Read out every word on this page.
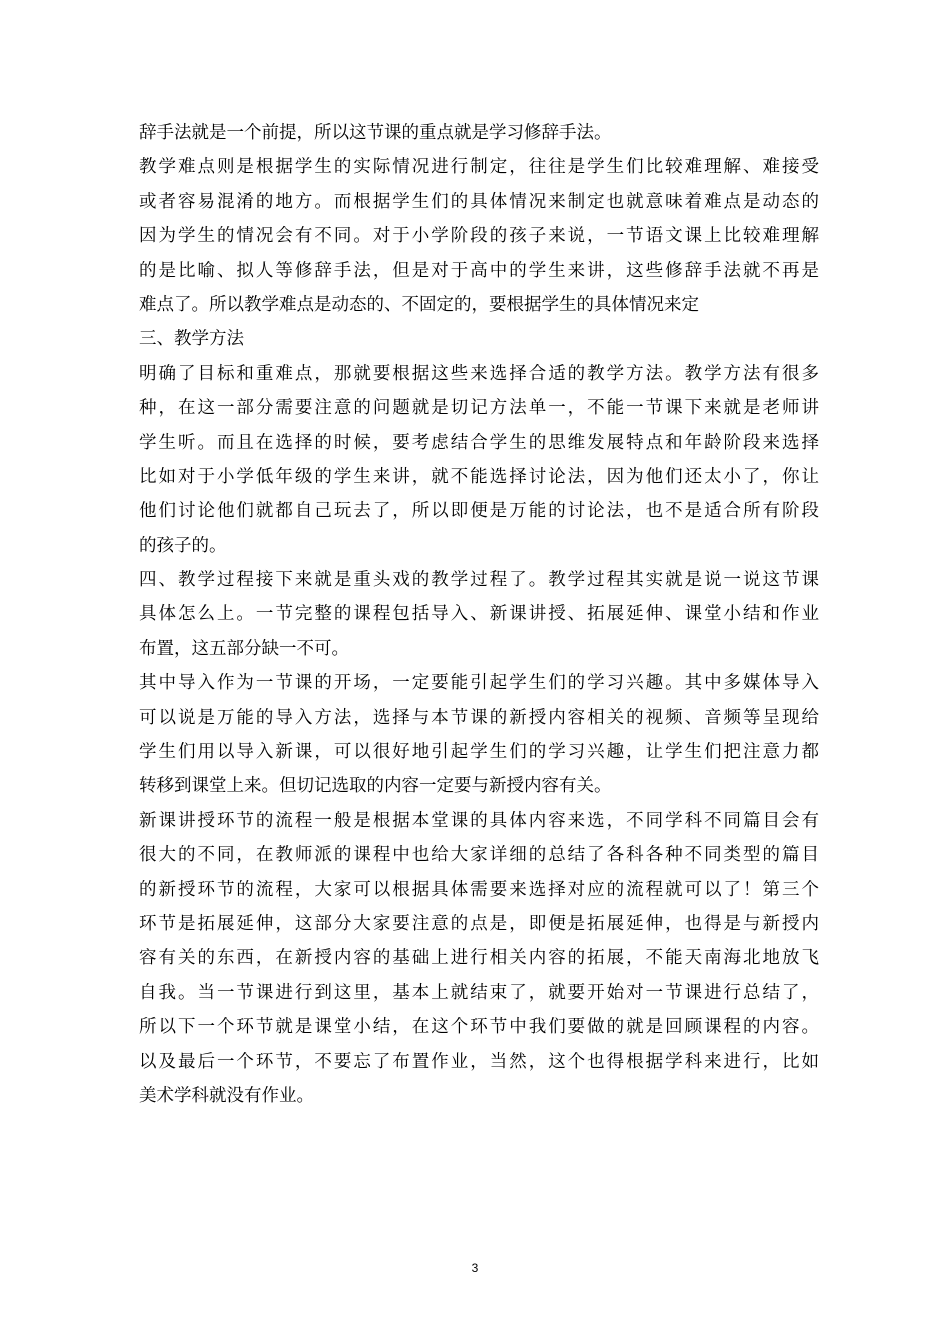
辞手法就是一个前提，所以这节课的重点就是学习修辞手法。
教学难点则是根据学生的实际情况进行制定，往往是学生们比较难理解、难接受
或者容易混淆的地方。而根据学生们的具体情况来制定也就意味着难点是动态的
因为学生的情况会有不同。对于小学阶段的孩子来说，一节语文课上比较难理解
的是比喻、拟人等修辞手法，但是对于高中的学生来讲，这些修辞手法就不再是
难点了。所以教学难点是动态的、不固定的，要根据学生的具体情况来定
三、教学方法
明确了目标和重难点，那就要根据这些来选择合适的教学方法。教学方法有很多
种，在这一部分需要注意的问题就是切记方法单一，不能一节课下来就是老师讲
学生听。而且在选择的时候，要考虑结合学生的思维发展特点和年龄阶段来选择
比如对于小学低年级的学生来讲，就不能选择讨论法，因为他们还太小了，你让
他们讨论他们就都自己玩去了，所以即便是万能的讨论法，也不是适合所有阶段
的孩子的。
四、教学过程接下来就是重头戏的教学过程了。教学过程其实就是说一说这节课
具体怎么上。一节完整的课程包括导入、新课讲授、拓展延伸、课堂小结和作业
布置，这五部分缺一不可。
其中导入作为一节课的开场，一定要能引起学生们的学习兴趣。其中多媒体导入
可以说是万能的导入方法，选择与本节课的新授内容相关的视频、音频等呈现给
学生们用以导入新课，可以很好地引起学生们的学习兴趣，让学生们把注意力都
转移到课堂上来。但切记选取的内容一定要与新授内容有关。
新课讲授环节的流程一般是根据本堂课的具体内容来选，不同学科不同篇目会有
很大的不同，在教师派的课程中也给大家详细的总结了各科各种不同类型的篇目
的新授环节的流程，大家可以根据具体需要来选择对应的流程就可以了！第三个
环节是拓展延伸，这部分大家要注意的点是，即便是拓展延伸，也得是与新授内
容有关的东西，在新授内容的基础上进行相关内容的拓展，不能天南海北地放飞
自我。当一节课进行到这里，基本上就结束了，就要开始对一节课进行总结了，
所以下一个环节就是课堂小结，在这个环节中我们要做的就是回顾课程的内容。
以及最后一个环节，不要忘了布置作业，当然，这个也得根据学科来进行，比如
美术学科就没有作业。
3
